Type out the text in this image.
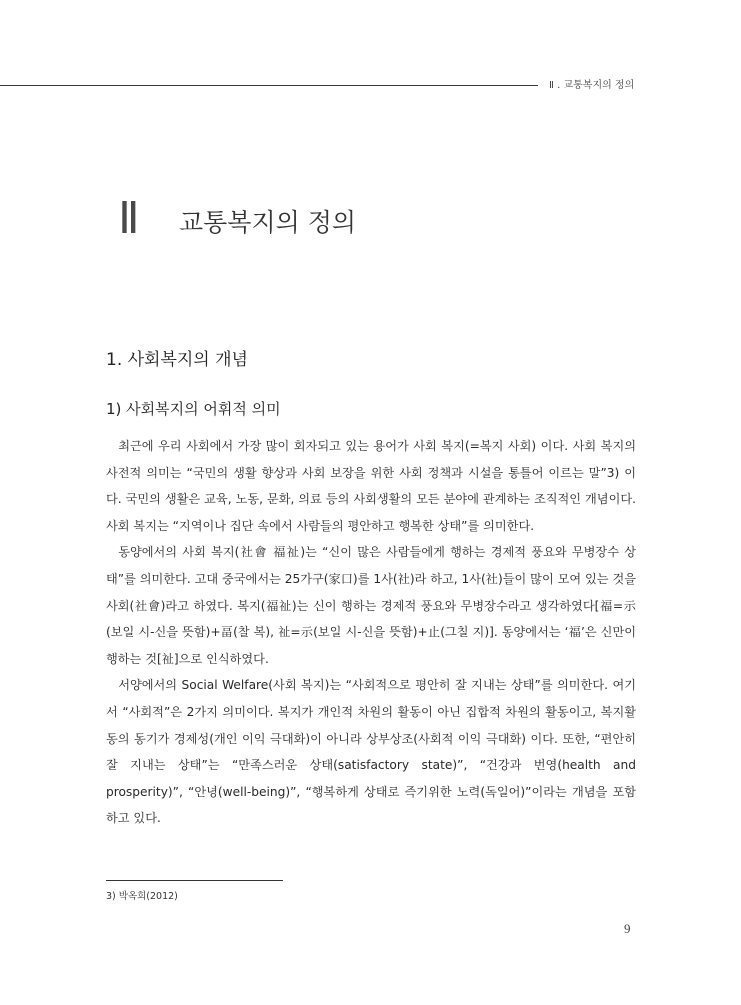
Ⅱ . 교통복지의 정의
Ⅱ 교통복지의 정의
1. 사회복지의 개념
1) 사회복지의 어휘적 의미

최근에 우리 사회에서 가장 많이 회자되고 있는 용어가 사회 복지(=복지 사회) 이다. 사회 복지의 사전적 의미는 “국민의 생활 향상과 사회 보장을 위한 사회 정책과 시설을 통틀어 이르는 말”3) 이다. 국민의 생활은 교육, 노동, 문화, 의료 등의 사회생활의 모든 분야에 관계하는 조직적인 개념이다. 사회 복지는 “지역이나 집단 속에서 사람들의 평안하고 행복한 상태”를 의미한다.

동양에서의 사회 복지(社會 福祉)는 “신이 많은 사람들에게 행하는 경제적 풍요와 무병장수 상태”를 의미한다. 고대 중국에서는 25가구(家口)를 1사(社)라 하고, 1사(社)들이 많이 모여 있는 것을 사회(社會)라고 하였다. 복지(福祉)는 신이 행하는 경제적 풍요와 무병장수라고 생각하였다[福=示(보일 시-신을 뜻함)+畐(찰 복), 祉=示(보일 시-신을 뜻함)+止(그칠 지)]. 동양에서는 ‘福’은 신만이 행하는 것[祉]으로 인식하였다.

서양에서의 Social Welfare(사회 복지)는 “사회적으로 평안히 잘 지내는 상태”를 의미한다. 여기서 “사회적”은 2가지 의미이다. 복지가 개인적 차원의 활동이 아닌 집합적 차원의 활동이고, 복지활동의 동기가 경제성(개인 이익 극대화)이 아니라 상부상조(사회적 이익 극대화) 이다. 또한, “편안히 잘 지내는 상태”는 “만족스러운 상태(satisfactory state)”, “건강과 번영(health and prosperity)”, “안녕(well-being)”, “행복하게 상태로 즉기위한 노력(독일어)”이라는 개념을 포함하고 있다.

3) 박옥희(2012)
9
